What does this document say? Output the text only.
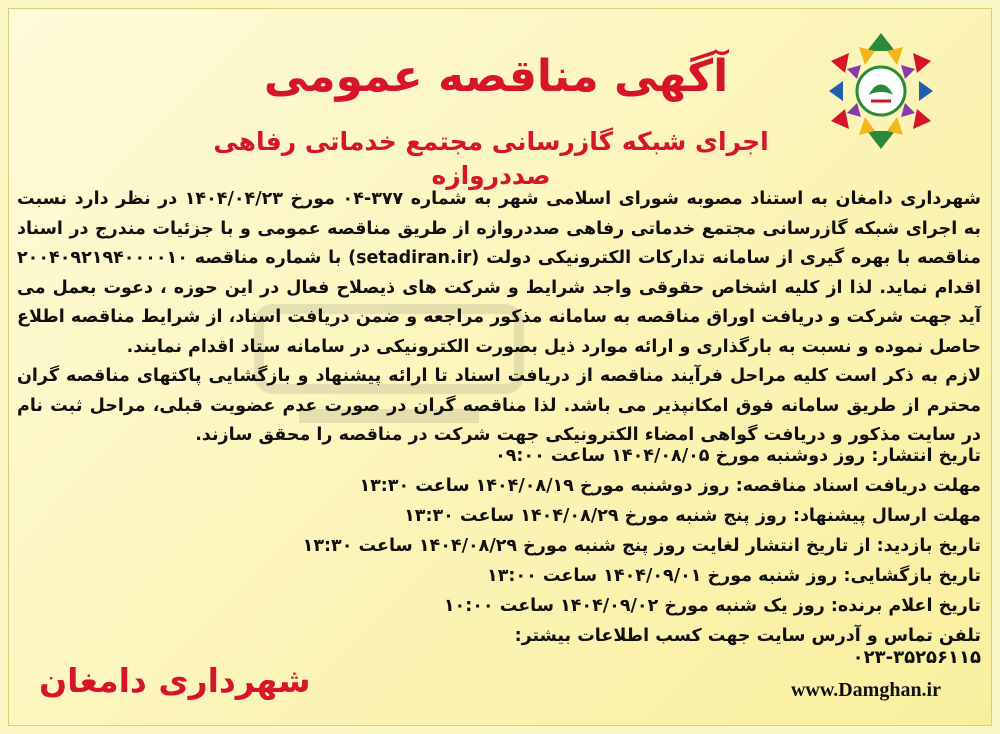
آگهی مناقصه عمومی
اجرای شبکه گازرسانی مجتمع خدماتی رفاهی صددروازه
شهرداری دامغان به استناد مصوبه شورای اسلامی شهر به شماره ۳۷۷-۰۴ مورخ ۱۴۰۴/۰۴/۲۳ در نظر دارد نسبت به اجرای شبکه گازرسانی مجتمع خدماتی رفاهی صددروازه از طریق مناقصه عمومی و با جزئیات مندرج در اسناد مناقصه با بهره گیری از سامانه تدارکات الکترونیکی دولت (setadiran.ir) با شماره مناقصه ۲۰۰۴۰۹۲۱۹۴۰۰۰۰۱۰ اقدام نماید. لذا از کلیه اشخاص حقوقی واجد شرایط و شرکت های ذیصلاح فعال در این حوزه ، دعوت بعمل می آید جهت شرکت و دریافت اوراق مناقصه به سامانه مذکور مراجعه و ضمن دریافت اسناد، از شرایط مناقصه اطلاع حاصل نموده و نسبت به بارگذاری و ارائه موارد ذیل بصورت الکترونیکی در سامانه ستاد اقدام نمایند.
لازم به ذکر است کلیه مراحل فرآیند مناقصه از دریافت اسناد تا ارائه پیشنهاد و بازگشایی پاکتهای مناقصه گران محترم از طریق سامانه فوق امکانپذیر می باشد. لذا مناقصه گران در صورت عدم عضویت قبلی، مراحل ثبت نام در سایت مذکور و دریافت گواهی امضاء الکترونیکی جهت شرکت در مناقصه را محقق سازند.
تاریخ انتشار: روز دوشنبه مورخ ۱۴۰۴/۰۸/۰۵ ساعت ۰۹:۰۰
مهلت دریافت اسناد مناقصه: روز دوشنبه مورخ ۱۴۰۴/۰۸/۱۹ ساعت ۱۳:۳۰
مهلت ارسال پیشنهاد: روز پنج شنبه مورخ ۱۴۰۴/۰۸/۲۹ ساعت ۱۳:۳۰
تاریخ بازدید: از تاریخ انتشار لغایت روز پنج شنبه مورخ ۱۴۰۴/۰۸/۲۹ ساعت ۱۳:۳۰
تاریخ بازگشایی: روز شنبه مورخ ۱۴۰۴/۰۹/۰۱ ساعت ۱۳:۰۰
تاریخ اعلام برنده: روز یک شنبه مورخ ۱۴۰۴/۰۹/۰۲ ساعت ۱۰:۰۰
تلفن تماس و آدرس سایت جهت کسب اطلاعات بیشتر:
۰۲۳-۳۵۲۵۶۱۱۵
www.Damghan.ir
شهرداری دامغان
